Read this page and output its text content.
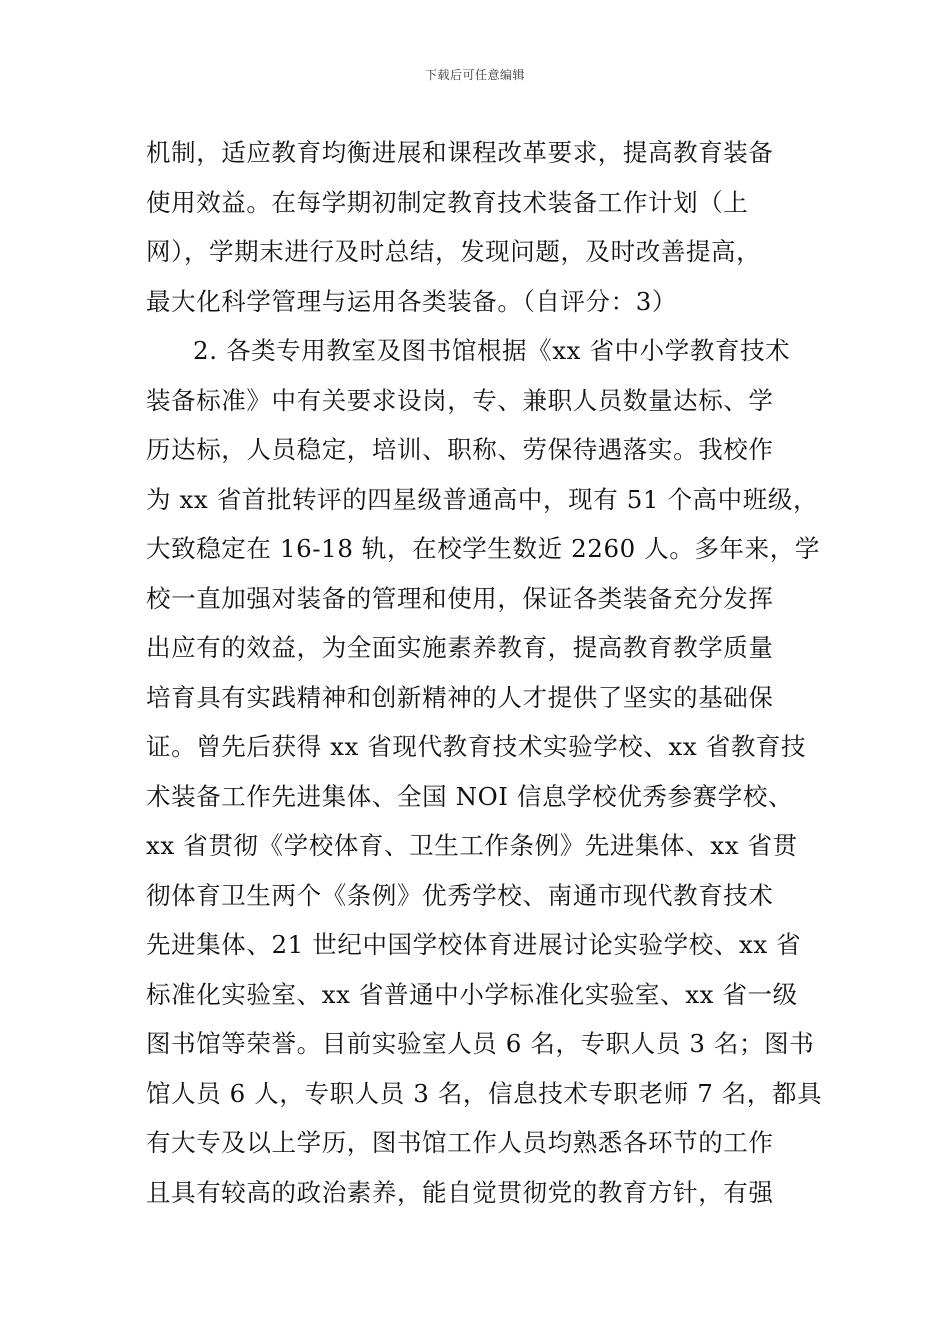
下载后可任意编辑
机制，适应教育均衡进展和课程改革要求，提高教育装备
使用效益。在每学期初制定教育技术装备工作计划（上
网），学期末进行及时总结，发现问题，及时改善提高，
最大化科学管理与运用各类装备。（自评分：3）
2. 各类专用教室及图书馆根据《xx 省中小学教育技术
装备标准》中有关要求设岗，专、兼职人员数量达标、学
历达标，人员稳定，培训、职称、劳保待遇落实。我校作
为 xx 省首批转评的四星级普通高中，现有 51 个高中班级，
大致稳定在 16-18 轨，在校学生数近 2260 人。多年来，学
校一直加强对装备的管理和使用，保证各类装备充分发挥
出应有的效益，为全面实施素养教育，提高教育教学质量
培育具有实践精神和创新精神的人才提供了坚实的基础保
证。曾先后获得 xx 省现代教育技术实验学校、xx 省教育技
术装备工作先进集体、全国 NOI 信息学校优秀参赛学校、
xx 省贯彻《学校体育、卫生工作条例》先进集体、xx 省贯
彻体育卫生两个《条例》优秀学校、南通市现代教育技术
先进集体、21 世纪中国学校体育进展讨论实验学校、xx 省
标准化实验室、xx 省普通中小学标准化实验室、xx 省一级
图书馆等荣誉。目前实验室人员 6 名，专职人员 3 名；图书
馆人员 6 人，专职人员 3 名，信息技术专职老师 7 名，都具
有大专及以上学历，图书馆工作人员均熟悉各环节的工作
且具有较高的政治素养，能自觉贯彻党的教育方针，有强
